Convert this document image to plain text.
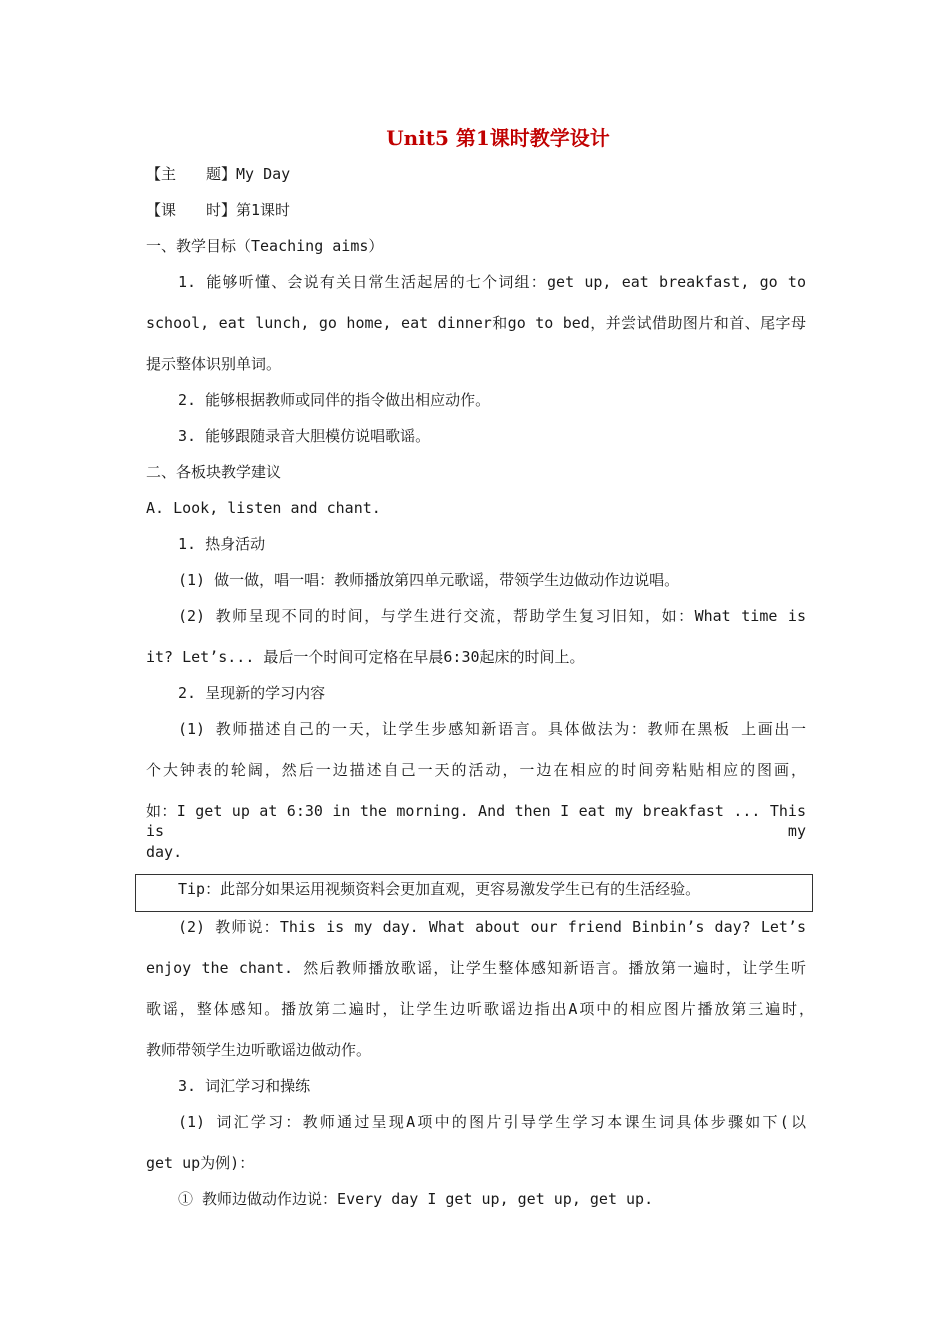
Unit5 第1课时教学设计
【主　　题】My Day
【课　　时】第1课时
一、教学目标（Teaching aims）
1. 能够听懂、会说有关日常生活起居的七个词组：get up, eat breakfast, go to
school, eat lunch, go home, eat dinner和go to bed，并尝试借助图片和首、尾字母
提示整体识别单词。
2. 能够根据教师或同伴的指令做出相应动作。
3. 能够跟随录音大胆模仿说唱歌谣。
二、各板块教学建议
A. Look, listen and chant.
1. 热身活动
(1) 做一做，唱一唱：教师播放第四单元歌谣，带领学生边做动作边说唱。
(2) 教师呈现不同的时间，与学生进行交流，帮助学生复习旧知，如：What time is
it? Let’s... 最后一个时间可定格在早晨6:30起床的时间上。
2. 呈现新的学习内容
(1) 教师描述自己的一天，让学生步感知新语言。具体做法为：教师在黑板 上画出一
个大钟表的轮阔，然后一边描述自己一天的活动，一边在相应的时间旁粘贴相应的图画，
如：I get up at 6:30 in the morning. And then I eat my breakfast ... This is my
day.
Tip：此部分如果运用视频资料会更加直观，更容易激发学生已有的生活经验。
(2) 教师说：This is my day. What about our friend Binbin’s day? Let’s
enjoy the chant. 然后教师播放歌谣，让学生整体感知新语言。播放第一遍时，让学生听
歌谣，整体感知。播放第二遍时，让学生边听歌谣边指出A项中的相应图片播放第三遍时，
教师带领学生边听歌谣边做动作。
3. 词汇学习和操练
(1) 词汇学习：教师通过呈现A项中的图片引导学生学习本课生词具体步骤如下(以
get up为例)：
① 教师边做动作边说：Every day I get up, get up, get up.
